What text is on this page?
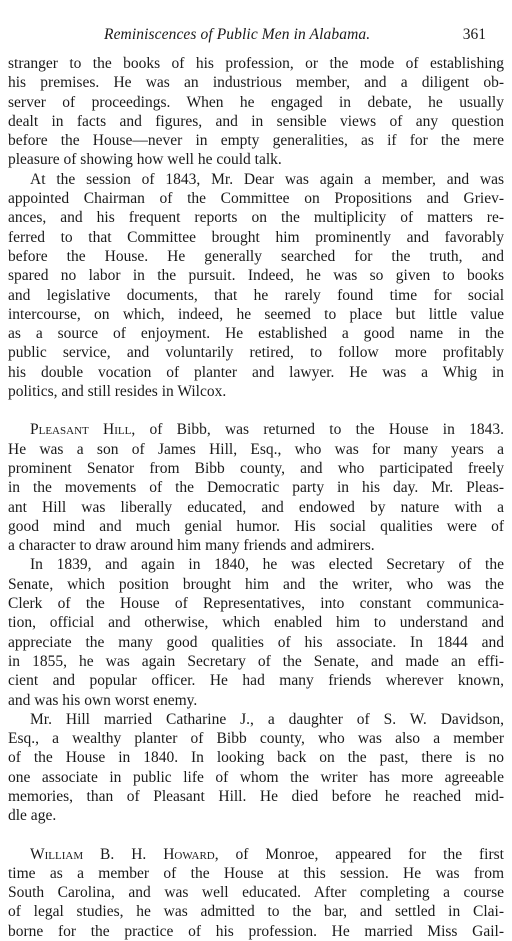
Reminiscences of Public Men in Alabama.	361
stranger to the books of his profession, or the mode of establishing
his premises. He was an industrious member, and a diligent ob-
server of proceedings. When he engaged in debate, he usually
dealt in facts and figures, and in sensible views of any question
before the House—never in empty generalities, as if for the mere
pleasure of showing how well he could talk.
At the session of 1843, Mr. Dear was again a member, and was
appointed Chairman of the Committee on Propositions and Griev-
ances, and his frequent reports on the multiplicity of matters re-
ferred to that Committee brought him prominently and favorably
before the House. He generally searched for the truth, and
spared no labor in the pursuit. Indeed, he was so given to books
and legislative documents, that he rarely found time for social
intercourse, on which, indeed, he seemed to place but little value
as a source of enjoyment. He established a good name in the
public service, and voluntarily retired, to follow more profitably
his double vocation of planter and lawyer. He was a Whig in
politics, and still resides in Wilcox.
Pleasant Hill, of Bibb, was returned to the House in 1843.
He was a son of James Hill, Esq., who was for many years a
prominent Senator from Bibb county, and who participated freely
in the movements of the Democratic party in his day. Mr. Pleas-
ant Hill was liberally educated, and endowed by nature with a
good mind and much genial humor. His social qualities were of
a character to draw around him many friends and admirers.
In 1839, and again in 1840, he was elected Secretary of the
Senate, which position brought him and the writer, who was the
Clerk of the House of Representatives, into constant communica-
tion, official and otherwise, which enabled him to understand and
appreciate the many good qualities of his associate. In 1844 and
in 1855, he was again Secretary of the Senate, and made an effi-
cient and popular officer. He had many friends wherever known,
and was his own worst enemy.
Mr. Hill married Catharine J., a daughter of S. W. Davidson,
Esq., a wealthy planter of Bibb county, who was also a member
of the House in 1840. In looking back on the past, there is no
one associate in public life of whom the writer has more agreeable
memories, than of Pleasant Hill. He died before he reached mid-
dle age.
William B. H. Howard, of Monroe, appeared for the first
time as a member of the House at this session. He was from
South Carolina, and was well educated. After completing a course
of legal studies, he was admitted to the bar, and settled in Clai-
borne for the practice of his profession. He married Miss Gail-
